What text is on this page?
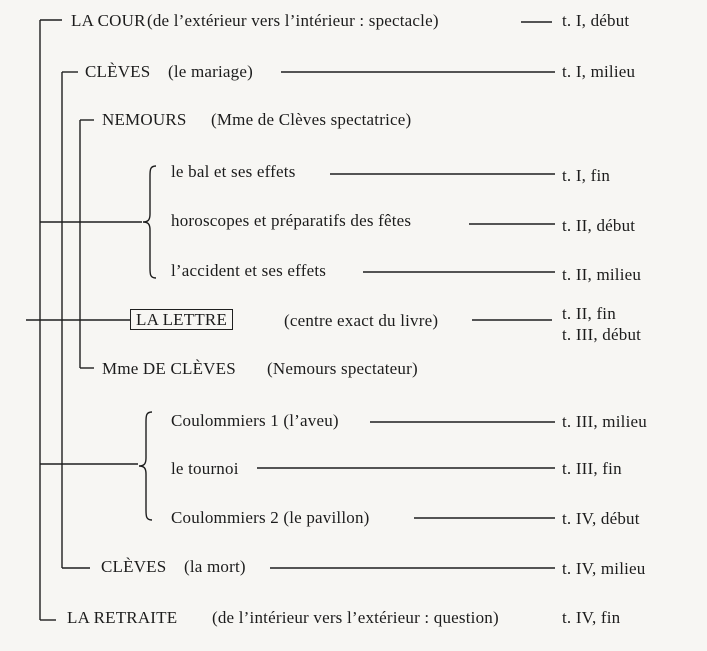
LA COUR (de l’extérieur vers l’intérieur : spectacle)	t. I, début
CLÈVES (le mariage)	t. I, milieu
NEMOURS (Mme de Clèves spectatrice)
le bal et ses effets	t. I, fin
horoscopes et préparatifs des fêtes	t. II, début
l’accident et ses effets	t. II, milieu
LA LETTRE	(centre exact du livre)	t. II, fin
t. III, début
Mme DE CLÈVES (Nemours spectateur)
Coulommiers 1 (l’aveu)	t. III, milieu
le tournoi	t. III, fin
Coulommiers 2 (le pavillon)	t. IV, début
CLÈVES (la mort)	t. IV, milieu
LA RETRAITE (de l’intérieur vers l’extérieur : question)	t. IV, fin
